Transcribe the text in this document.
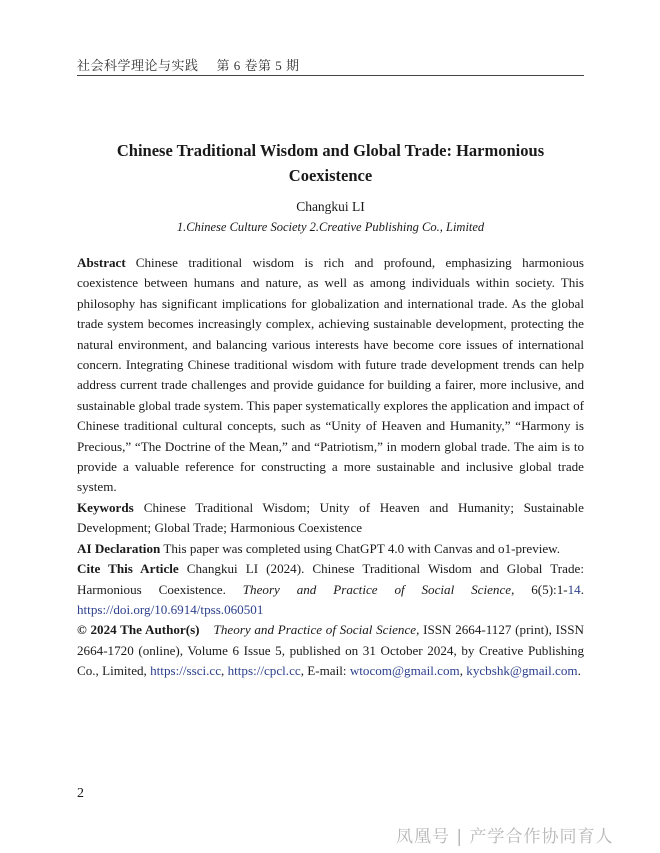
社会科学理论与实践 第 6 卷第 5 期
Chinese Traditional Wisdom and Global Trade: Harmonious Coexistence
Changkui LI
1.Chinese Culture Society 2.Creative Publishing Co., Limited

Abstract Chinese traditional wisdom is rich and profound, emphasizing harmonious coexistence between humans and nature, as well as among individuals within society. This philosophy has significant implications for globalization and international trade. As the global trade system becomes increasingly complex, achieving sustainable development, protecting the natural environment, and balancing various interests have become core issues of international concern. Integrating Chinese traditional wisdom with future trade development trends can help address current trade challenges and provide guidance for building a fairer, more inclusive, and sustainable global trade system. This paper systematically explores the application and impact of Chinese traditional cultural concepts, such as “Unity of Heaven and Humanity,” “Harmony is Precious,” “The Doctrine of the Mean,” and “Patriotism,” in modern global trade. The aim is to provide a valuable reference for constructing a more sustainable and inclusive global trade system.

Keywords Chinese Traditional Wisdom; Unity of Heaven and Humanity; Sustainable Development; Global Trade; Harmonious Coexistence

AI Declaration This paper was completed using ChatGPT 4.0 with Canvas and o1-preview.

Cite This Article Changkui LI (2024). Chinese Traditional Wisdom and Global Trade: Harmonious Coexistence. Theory and Practice of Social Science, 6(5):1-14. https://doi.org/10.6914/tpss.060501

© 2024 The Author(s) Theory and Practice of Social Science, ISSN 2664-1127 (print), ISSN 2664-1720 (online), Volume 6 Issue 5, published on 31 October 2024, by Creative Publishing Co., Limited, https://ssci.cc, https://cpcl.cc, E-mail: wtocom@gmail.com, kycbshk@gmail.com.

2
凤凰号 | 产学合作协同育人
